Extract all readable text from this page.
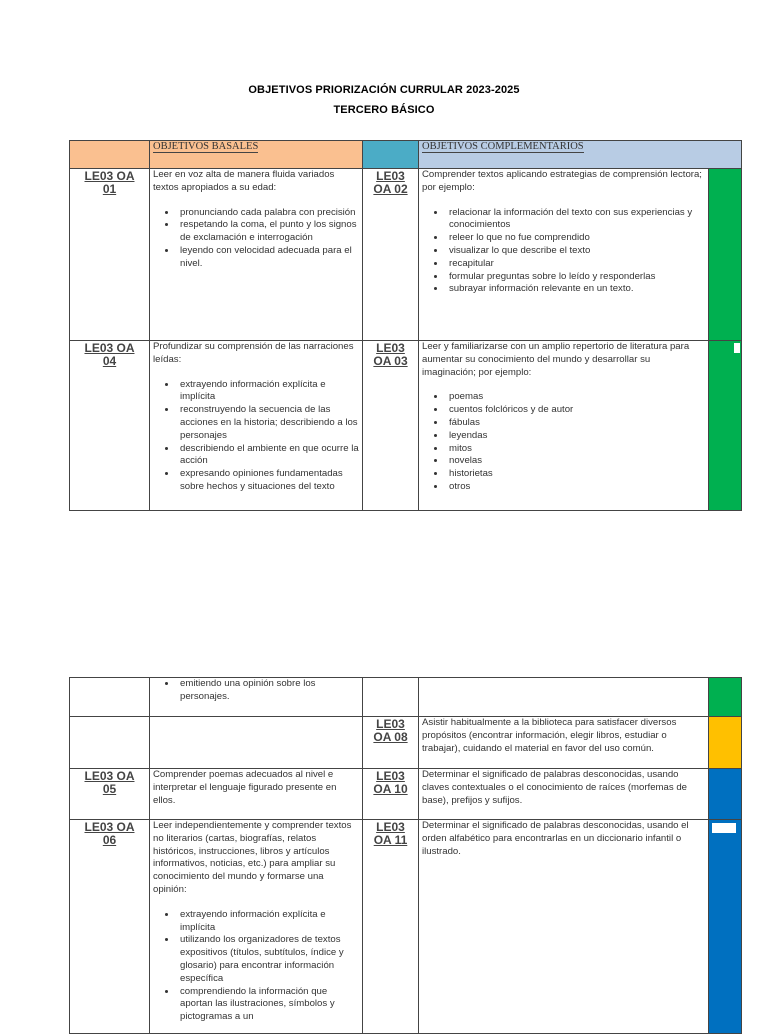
OBJETIVOS PRIORIZACIÓN CURRULAR 2023-2025
TERCERO BÁSICO
OBJETIVOS BASALES	OBJETIVOS COMPLEMENTARIOS
LE03 OA
01
Leer en voz alta de manera fluida variados textos apropiados a su edad:
• pronunciando cada palabra con precisión
• respetando la coma, el punto y los signos de exclamación e interrogación
• leyendo con velocidad adecuada para el nivel.
LE03
OA 02
Comprender textos aplicando estrategias de comprensión lectora; por ejemplo:
• relacionar la información del texto con sus experiencias y conocimientos
• releer lo que no fue comprendido
• visualizar lo que describe el texto
• recapitular
• formular preguntas sobre lo leído y responderlas
• subrayar información relevante en un texto.
LE03 OA
04
Profundizar su comprensión de las narraciones leídas:
• extrayendo información explícita e implícita
• reconstruyendo la secuencia de las acciones en la historia; describiendo a los personajes
• describiendo el ambiente en que ocurre la acción
• expresando opiniones fundamentadas sobre hechos y situaciones del texto
LE03
OA 03
Leer y familiarizarse con un amplio repertorio de literatura para aumentar su conocimiento del mundo y desarrollar su imaginación; por ejemplo:
• poemas
• cuentos folclóricos y de autor
• fábulas
• leyendas
• mitos
• novelas
• historietas
• otros
• emitiendo una opinión sobre los personajes.
LE03
OA 08
Asistir habitualmente a la biblioteca para satisfacer diversos propósitos (encontrar información, elegir libros, estudiar o trabajar), cuidando el material en favor del uso común.
LE03 OA
05
Comprender poemas adecuados al nivel e interpretar el lenguaje figurado presente en ellos.
LE03
OA 10
Determinar el significado de palabras desconocidas, usando claves contextuales o el conocimiento de raíces (morfemas de base), prefijos y sufijos.
LE03 OA
06
Leer independientemente y comprender textos no literarios (cartas, biografías, relatos históricos, instrucciones, libros y artículos informativos, noticias, etc.) para ampliar su conocimiento del mundo y formarse una opinión:
• extrayendo información explícita e implícita
• utilizando los organizadores de textos expositivos (títulos, subtítulos, índice y glosario) para encontrar información específica
• comprendiendo la información que aportan las ilustraciones, símbolos y pictogramas a un
LE03
OA 11
Determinar el significado de palabras desconocidas, usando el orden alfabético para encontrarlas en un diccionario infantil o ilustrado.
